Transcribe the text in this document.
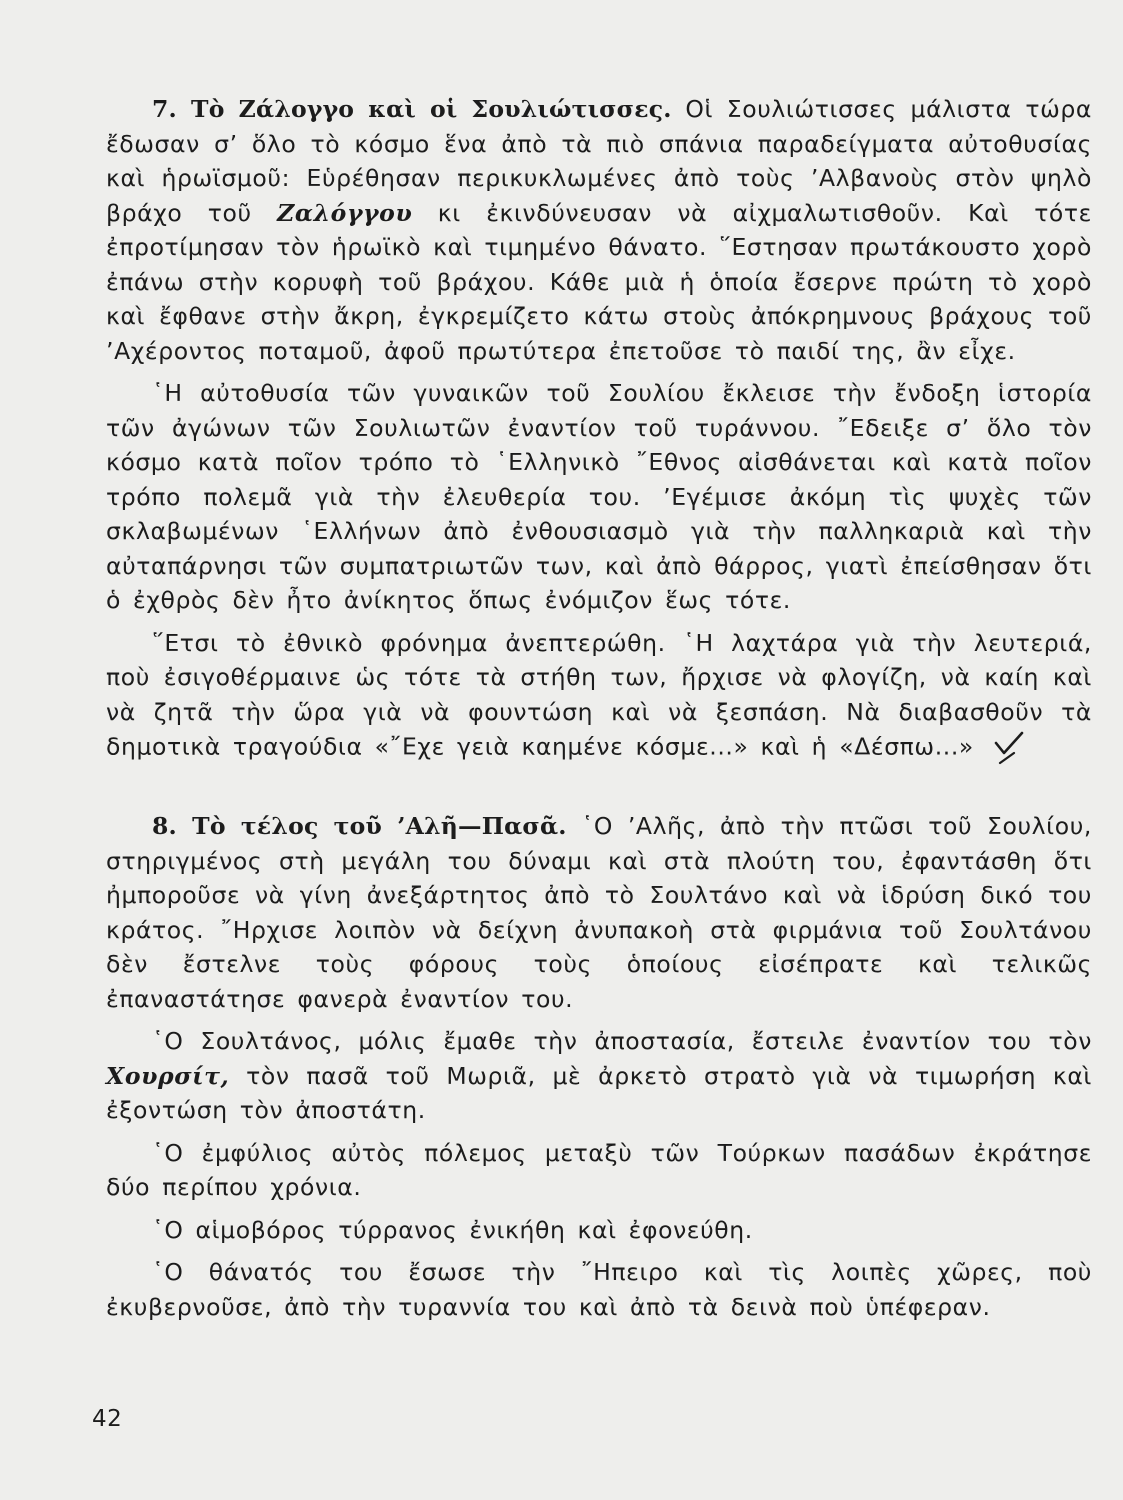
7. Τὸ Ζάλογγο καὶ οἱ Σουλιώτισσες. Οἱ Σουλιώτισσες μάλιστα τώρα ἔδωσαν σ’ ὅλο τὸ κόσμο ἕνα ἀπὸ τὰ πιὸ σπάνια παραδείγματα αὐτοθυσίας καὶ ἡρωϊσμοῦ: Εὑρέθησαν περικυκλωμένες ἀπὸ τοὺς ’Αλβανοὺς στὸν ψηλὸ βράχο τοῦ Ζαλόγγου κι ἐκινδύνευσαν νὰ αἰχμαλωτισθοῦν. Καὶ τότε ἐπροτίμησαν τὸν ἡρωϊκὸ καὶ τιμημένο θάνατο. ῞Εστησαν πρωτάκουστο χορὸ ἐπάνω στὴν κορυφὴ τοῦ βράχου. Κάθε μιὰ ἡ ὁποία ἔσερνε πρώτη τὸ χορὸ καὶ ἔφθανε στὴν ἄκρη, ἐγκρεμίζετο κάτω στοὺς ἀπόκρημνους βράχους τοῦ ’Αχέροντος ποταμοῦ, ἀφοῦ πρωτύτερα ἐπετοῦσε τὸ παιδί της, ἂν εἶχε.

῾Η αὐτοθυσία τῶν γυναικῶν τοῦ Σουλίου ἔκλεισε τὴν ἔνδοξη ἱστορία τῶν ἀγώνων τῶν Σουλιωτῶν ἐναντίον τοῦ τυράννου. ῎Εδειξε σ’ ὅλο τὸν κόσμο κατὰ ποῖον τρόπο τὸ ῾Ελληνικὸ ῎Εθνος αἰσθάνεται καὶ κατὰ ποῖον τρόπο πολεμᾶ γιὰ τὴν ἐλευθερία του. ’Εγέμισε ἀκόμη τὶς ψυχὲς τῶν σκλαβωμένων ῾Ελλήνων ἀπὸ ἐνθουσιασμὸ γιὰ τὴν παλληκαριὰ καὶ τὴν αὐταπάρνησι τῶν συμπατριωτῶν των, καὶ ἀπὸ θάρρος, γιατὶ ἐπείσθησαν ὅτι ὁ ἐχθρὸς δὲν ἦτο ἀνίκητος ὅπως ἐνόμιζον ἕως τότε.

῞Ετσι τὸ ἐθνικὸ φρόνημα ἀνεπτερώθη. ῾Η λαχτάρα γιὰ τὴν λευτεριά, ποὺ ἐσιγοθέρμαινε ὡς τότε τὰ στήθη των, ἤρχισε νὰ φλογίζη, νὰ καίη καὶ νὰ ζητᾶ τὴν ὥρα γιὰ νὰ φουντώση καὶ νὰ ξεσπάση. Νὰ διαβασθοῦν τὰ δημοτικὰ τραγούδια «῎Εχε γειὰ καημένε κόσμε...» καὶ ἡ «Δέσπω...»

8. Τὸ τέλος τοῦ ’Αλῆ—Πασᾶ. ῾Ο ’Αλῆς, ἀπὸ τὴν πτῶσι τοῦ Σουλίου, στηριγμένος στὴ μεγάλη του δύναμι καὶ στὰ πλούτη του, ἐφαντάσθη ὅτι ἠμποροῦσε νὰ γίνη ἀνεξάρτητος ἀπὸ τὸ Σουλτάνο καὶ νὰ ἱδρύση δικό του κράτος. ῎Ηρχισε λοιπὸν νὰ δείχνη ἀνυπακοὴ στὰ φιρμάνια τοῦ Σουλτάνου δὲν ἔστελνε τοὺς φόρους τοὺς ὁποίους εἰσέπρατε καὶ τελικῶς ἐπαναστάτησε φανερὰ ἐναντίον του.

῾Ο Σουλτάνος, μόλις ἔμαθε τὴν ἀποστασία, ἔστειλε ἐναντίον του τὸν Χουρσίτ, τὸν πασᾶ τοῦ Μωριᾶ, μὲ ἀρκετὸ στρατὸ γιὰ νὰ τιμωρήση καὶ ἐξοντώση τὸν ἀποστάτη.

῾Ο ἐμφύλιος αὐτὸς πόλεμος μεταξὺ τῶν Τούρκων πασάδων ἐκράτησε δύο περίπου χρόνια.

῾Ο αἱμοβόρος τύρρανος ἐνικήθη καὶ ἐφονεύθη.

῾Ο θάνατός του ἔσωσε τὴν ῎Ηπειρο καὶ τὶς λοιπὲς χῶρες, ποὺ ἐκυβερνοῦσε, ἀπὸ τὴν τυραννία του καὶ ἀπὸ τὰ δεινὰ ποὺ ὑπέφεραν.

42
